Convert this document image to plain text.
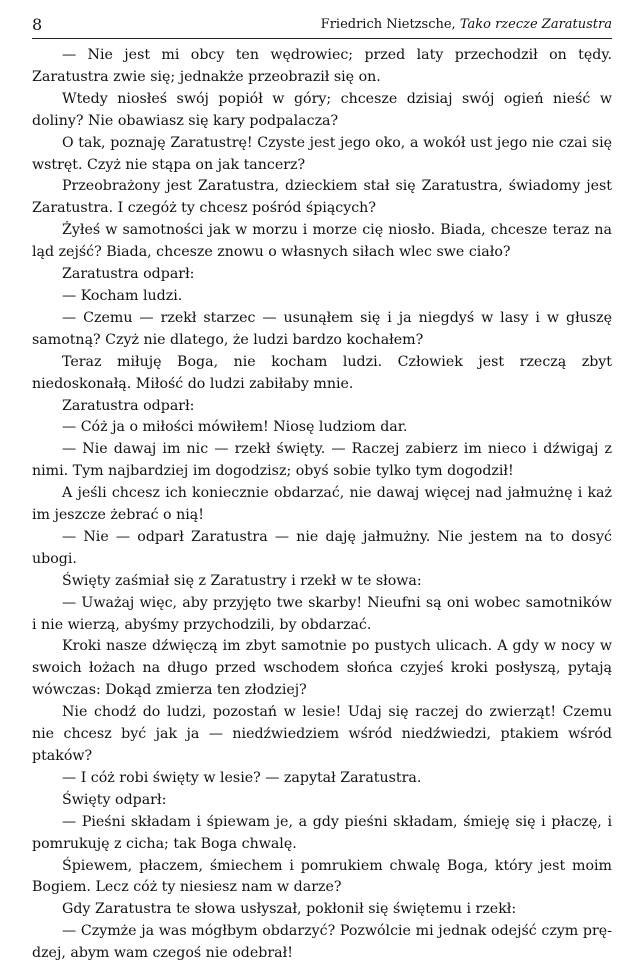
8	Friedrich Nietzsche, Tako rzecze Zaratustra

— Nie jest mi obcy ten wędrowiec; przed laty przechodził on tędy. Zaratustra zwie się; jednakże przeobraził się on.

Wtedy niosłeś swój popiół w góry; chcesze dzisiaj swój ogień nieść w doliny? Nie obawiasz się kary podpalacza?

O tak, poznaję Zaratustrę! Czyste jest jego oko, a wokół ust jego nie czai się wstręt. Czyż nie stąpa on jak tancerz?

Przeobrażony jest Zaratustra, dzieckiem stał się Zaratustra, świadomy jest Zaratustra. I czegóż ty chcesz pośród śpiących?

Żyłeś w samotności jak w morzu i morze cię niosło. Biada, chcesze teraz na ląd zejść? Biada, chcesze znowu o własnych siłach wlec swe ciało?

Zaratustra odparł:

— Kocham ludzi.

— Czemu — rzekł starzec — usunąłem się i ja niegdyś w lasy i w głuszę samotną? Czyż nie dlatego, że ludzi bardzo kochałem?

Teraz miłuję Boga, nie kocham ludzi. Człowiek jest rzeczą zbyt niedoskonałą. Miłość do ludzi zabiłaby mnie.

Zaratustra odparł:

— Cóż ja o miłości mówiłem! Niosę ludziom dar.

— Nie dawaj im nic — rzekł święty. — Raczej zabierz im nieco i dźwigaj z nimi. Tym najbardziej im dogodzisz; obyś sobie tylko tym dogodził!

A jeśli chcesz ich koniecznie obdarzać, nie dawaj więcej nad jałmużnę i każ im jeszcze żebrać o nią!

— Nie — odparł Zaratustra — nie daję jałmużny. Nie jestem na to dosyć ubogi.

Święty zaśmiał się z Zaratustry i rzekł w te słowa:

— Uważaj więc, aby przyjęto twe skarby! Nieufni są oni wobec samotników i nie wierzą, abyśmy przychodzili, by obdarzać.

Kroki nasze dźwięczą im zbyt samotnie po pustych ulicach. A gdy w nocy w swoich łożach na długo przed wschodem słońca czyjeś kroki posłyszą, pytają wówczas: Dokąd zmierza ten złodziej?

Nie chodź do ludzi, pozostań w lesie! Udaj się raczej do zwierząt! Czemu nie chcesz być jak ja — niedźwiedziem wśród niedźwiedzi, ptakiem wśród ptaków?

— I cóż robi święty w lesie? — zapytał Zaratustra.

Święty odparł:

— Pieśni składam i śpiewam je, a gdy pieśni składam, śmieję się i płaczę, i pomrukuję z cicha; tak Boga chwalę.

Śpiewem, płaczem, śmiechem i pomrukiem chwalę Boga, który jest moim Bogiem. Lecz cóż ty niesiesz nam w darze?

Gdy Zaratustra te słowa usłyszał, pokłonił się świętemu i rzekł:

— Czymże ja was mógłbym obdarzyć? Pozwólcie mi jednak odejść czym prędzej, abym wam czegoś nie odebrał!
